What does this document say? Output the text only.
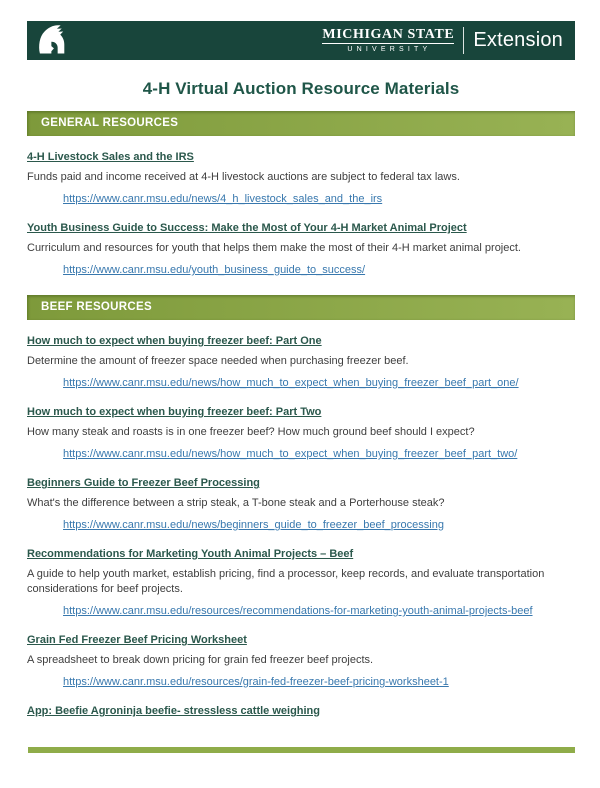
MICHIGAN STATE
UNIVERSITY	Extension
4-H Virtual Auction Resource Materials
GENERAL RESOURCES
4-H Livestock Sales and the IRS
Funds paid and income received at 4-H livestock auctions are subject to federal tax laws.
https://www.canr.msu.edu/news/4_h_livestock_sales_and_the_irs
Youth Business Guide to Success: Make the Most of Your 4-H Market Animal Project
Curriculum and resources for youth that helps them make the most of their 4-H market animal project.
https://www.canr.msu.edu/youth_business_guide_to_success/
BEEF RESOURCES
How much to expect when buying freezer beef: Part One
Determine the amount of freezer space needed when purchasing freezer beef.
https://www.canr.msu.edu/news/how_much_to_expect_when_buying_freezer_beef_part_one/
How much to expect when buying freezer beef: Part Two
How many steak and roasts is in one freezer beef? How much ground beef should I expect?
https://www.canr.msu.edu/news/how_much_to_expect_when_buying_freezer_beef_part_two/
Beginners Guide to Freezer Beef Processing
What's the difference between a strip steak, a T-bone steak and a Porterhouse steak?
https://www.canr.msu.edu/news/beginners_guide_to_freezer_beef_processing
Recommendations for Marketing Youth Animal Projects – Beef
A guide to help youth market, establish pricing, find a processor, keep records, and evaluate transportation considerations for beef projects.
https://www.canr.msu.edu/resources/recommendations-for-marketing-youth-animal-projects-beef
Grain Fed Freezer Beef Pricing Worksheet
A spreadsheet to break down pricing for grain fed freezer beef projects.
https://www.canr.msu.edu/resources/grain-fed-freezer-beef-pricing-worksheet-1
App: Beefie Agroninja beefie- stressless cattle weighing
